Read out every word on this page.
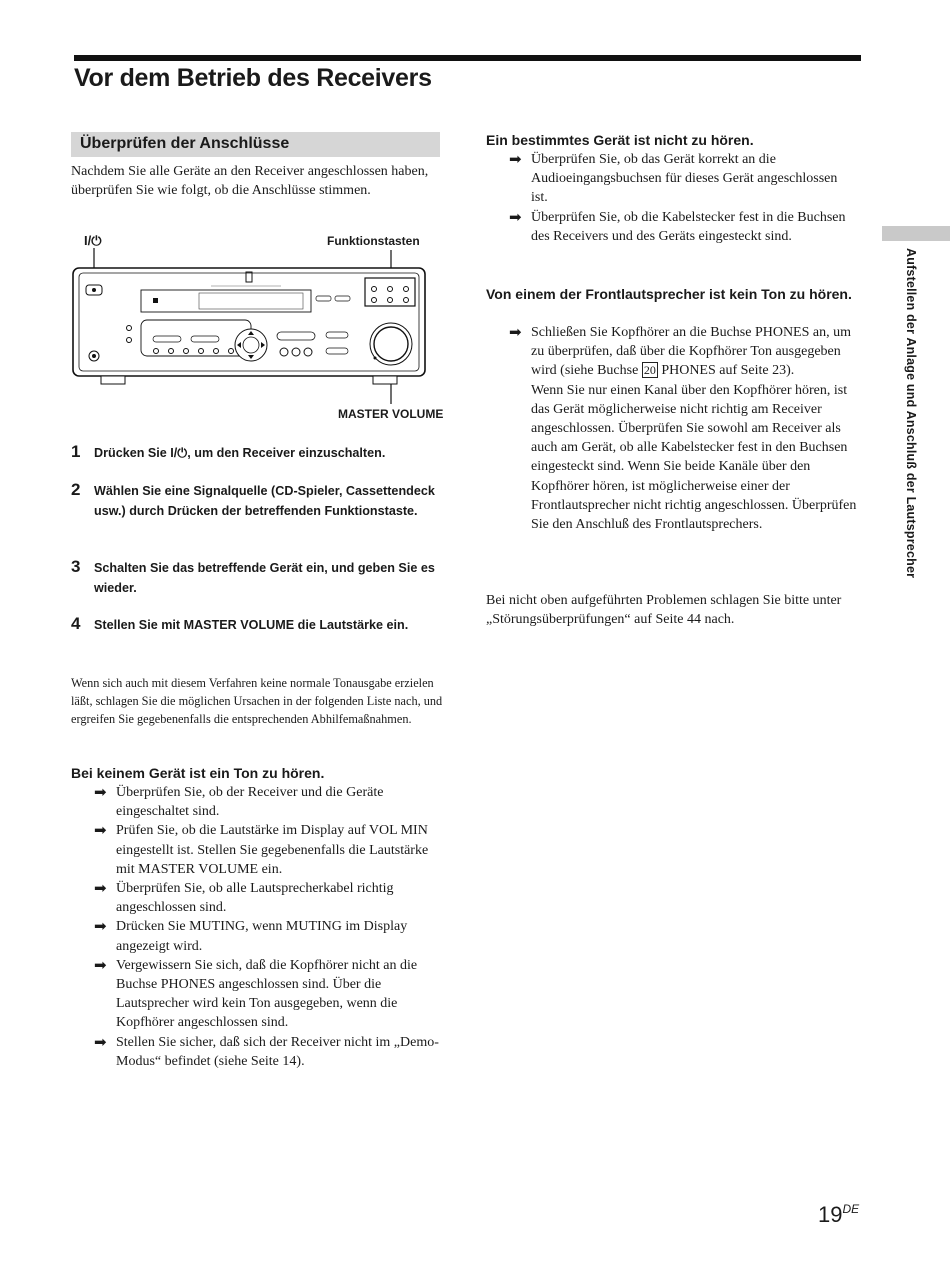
Vor dem Betrieb des Receivers
Überprüfen der Anschlüsse

Nachdem Sie alle Geräte an den Receiver angeschlossen haben, überprüfen Sie wie folgt, ob die Anschlüsse stimmen.

I/⏻	Funktionstasten
MASTER VOLUME
1 Drücken Sie I/⏻, um den Receiver einzuschalten.
2 Wählen Sie eine Signalquelle (CD-Spieler, Cassettendeck usw.) durch Drücken der betreffenden Funktionstaste.
3 Schalten Sie das betreffende Gerät ein, und geben Sie es wieder.
4 Stellen Sie mit MASTER VOLUME die Lautstärke ein.

Wenn sich auch mit diesem Verfahren keine normale Tonausgabe erzielen läßt, schlagen Sie die möglichen Ursachen in der folgenden Liste nach, und ergreifen Sie gegebenenfalls die entsprechenden Abhilfemaßnahmen.

Bei keinem Gerät ist ein Ton zu hören.
➡ Überprüfen Sie, ob der Receiver und die Geräte eingeschaltet sind.
➡ Prüfen Sie, ob die Lautstärke im Display auf VOL MIN eingestellt ist. Stellen Sie gegebenenfalls die Lautstärke mit MASTER VOLUME ein.
➡ Überprüfen Sie, ob alle Lautsprecherkabel richtig angeschlossen sind.
➡ Drücken Sie MUTING, wenn MUTING im Display angezeigt wird.
➡ Vergewissern Sie sich, daß die Kopfhörer nicht an die Buchse PHONES angeschlossen sind. Über die Lautsprecher wird kein Ton ausgegeben, wenn die Kopfhörer angeschlossen sind.
➡ Stellen Sie sicher, daß sich der Receiver nicht im „Demo-Modus“ befindet (siehe Seite 14).
Ein bestimmtes Gerät ist nicht zu hören.
➡ Überprüfen Sie, ob das Gerät korrekt an die Audioeingangsbuchsen für dieses Gerät angeschlossen ist.
➡ Überprüfen Sie, ob die Kabelstecker fest in die Buchsen des Receivers und des Geräts eingesteckt sind.
Von einem der Frontlautsprecher ist kein Ton zu hören.
➡ Schließen Sie Kopfhörer an die Buchse PHONES an, um zu überprüfen, daß über die Kopfhörer Ton ausgegeben wird (siehe Buchse 20 PHONES auf Seite 23).
Wenn Sie nur einen Kanal über den Kopfhörer hören, ist das Gerät möglicherweise nicht richtig am Receiver angeschlossen. Überprüfen Sie sowohl am Receiver als auch am Gerät, ob alle Kabelstecker fest in den Buchsen eingesteckt sind. Wenn Sie beide Kanäle über den Kopfhörer hören, ist möglicherweise einer der Frontlautsprecher nicht richtig angeschlossen. Überprüfen Sie den Anschluß des Frontlautsprechers.

Bei nicht oben aufgeführten Problemen schlagen Sie bitte unter „Störungsüberprüfungen“ auf Seite 44 nach.

Aufstellen der Anlage und Anschluß der Lautsprecher
19DE
